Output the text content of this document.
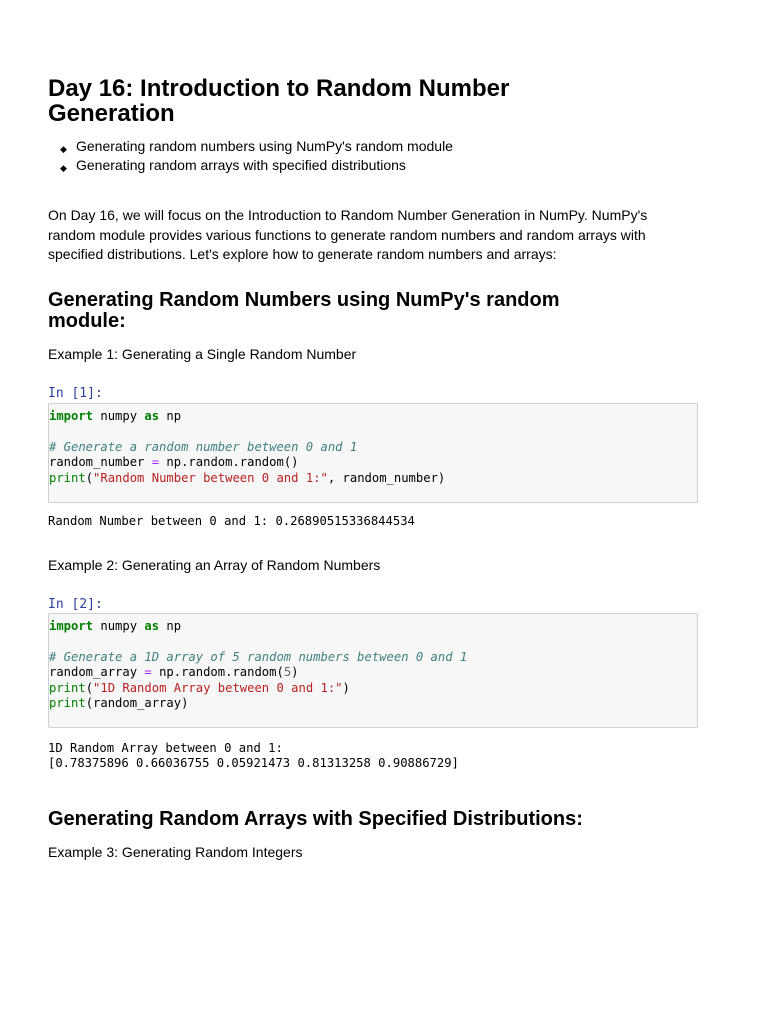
Day 16: Introduction to Random Number Generation
◆ Generating random numbers using NumPy's random module
◆ Generating random arrays with specified distributions

On Day 16, we will focus on the Introduction to Random Number Generation in NumPy. NumPy's random module provides various functions to generate random numbers and random arrays with specified distributions. Let's explore how to generate random numbers and arrays:

Generating Random Numbers using NumPy's random module:

Example 1: Generating a Single Random Number

In [1]:
import numpy as np

# Generate a random number between 0 and 1
random_number = np.random.random()
print("Random Number between 0 and 1:", random_number)
Random Number between 0 and 1: 0.26890515336844534

Example 2: Generating an Array of Random Numbers

In [2]:
import numpy as np

# Generate a 1D array of 5 random numbers between 0 and 1
random_array = np.random.random(5)
print("1D Random Array between 0 and 1:")
print(random_array)
1D Random Array between 0 and 1:
[0.78375896 0.66036755 0.05921473 0.81313258 0.90886729]
Generating Random Arrays with Specified Distributions:

Example 3: Generating Random Integers
